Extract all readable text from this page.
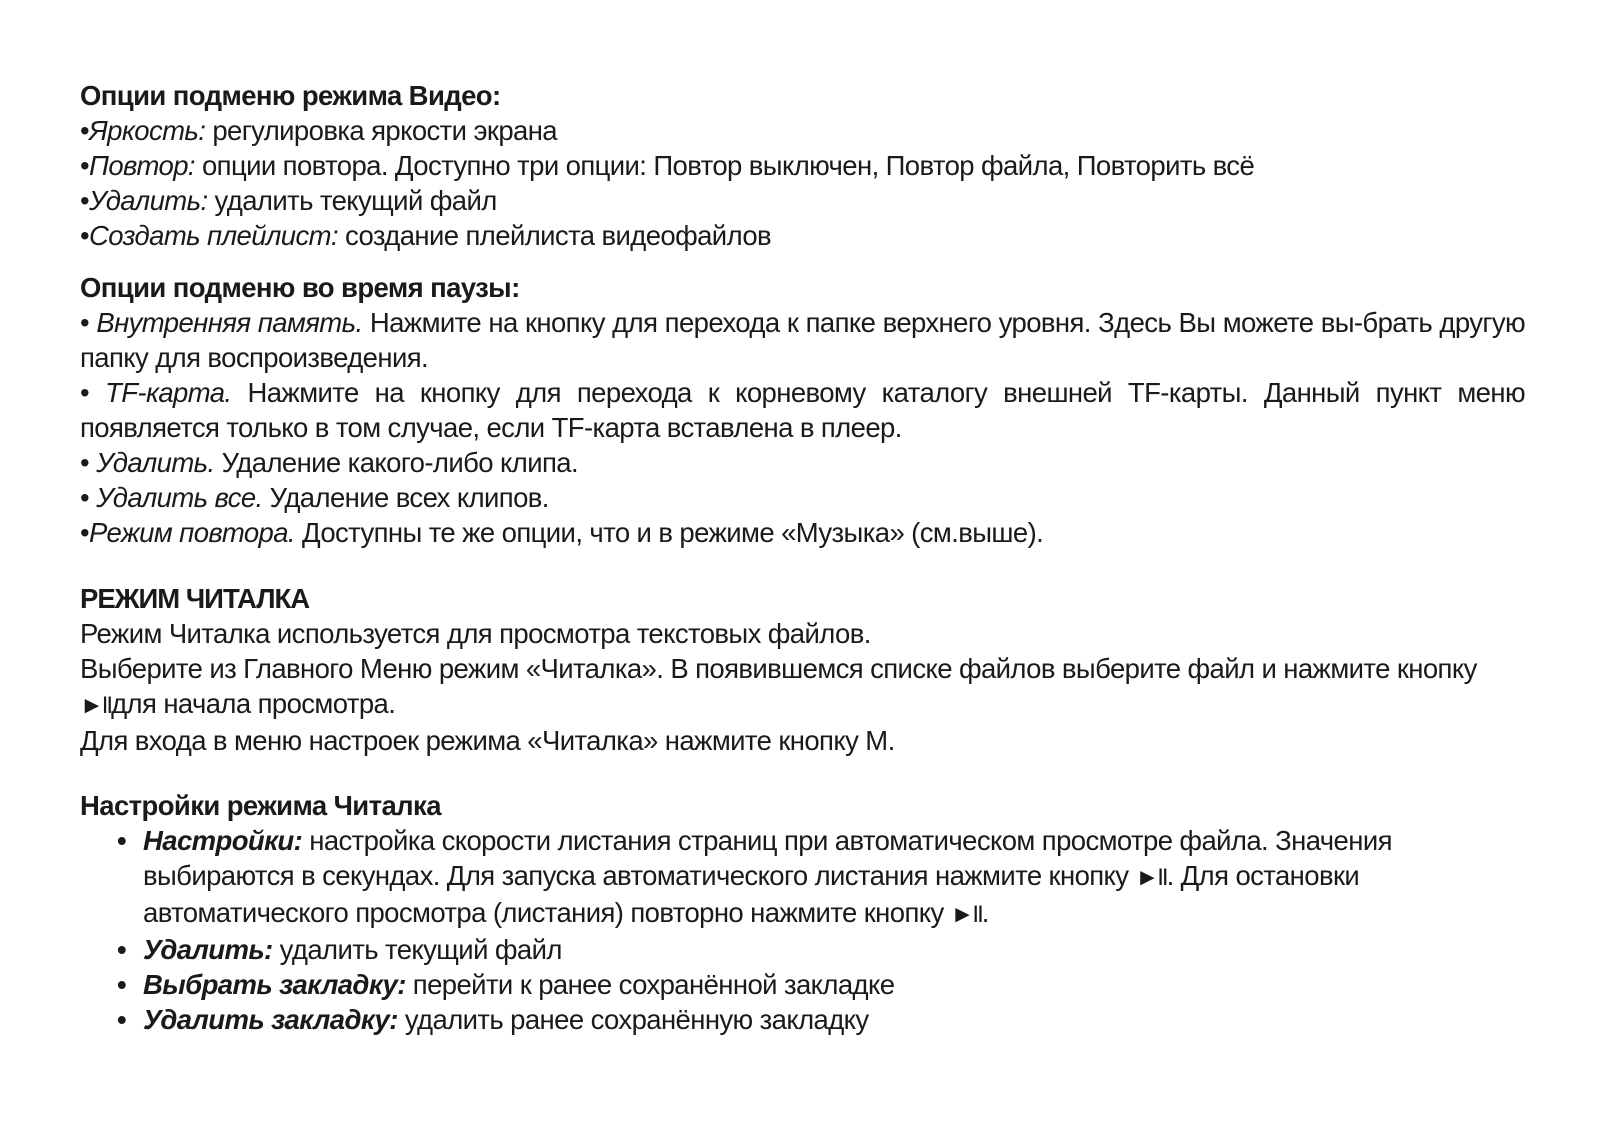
Опции подменю режима Видео:

•Яркость: регулировка яркости экрана

•Повтор: опции повтора. Доступно три опции: Повтор выключен, Повтор файла, Повторить всё

•Удалить: удалить текущий файл

•Создать плейлист: создание плейлиста видеофайлов

Опции подменю во время паузы:

• Внутренняя память. Нажмите на кнопку для перехода к папке верхнего уровня. Здесь Вы можете вы-брать другую папку для воспроизведения.

• TF-карта. Нажмите на кнопку для перехода к корневому каталогу внешней TF-карты. Данный пункт меню появляется только в том случае, если TF-карта вставлена в плеер.

• Удалить. Удаление какого-либо клипа.

• Удалить все. Удаление всех клипов.

•Режим повтора. Доступны те же опции, что и в режиме «Музыка» (см.выше).

РЕЖИМ ЧИТАЛКА

Режим Читалка используется для просмотра текстовых файлов.

Выберите из Главного Меню режим «Читалка». В появившемся списке файлов выберите файл и нажмите кнопку ►IIдля начала просмотра.

Для входа в меню настроек режима «Читалка» нажмите кнопку M.

Настройки режима Читалка

• Настройки: настройка скорости листания страниц при автоматическом просмотре файла. Значения выбираются в секундах. Для запуска автоматического листания нажмите кнопку ►II. Для остановки автоматического просмотра (листания) повторно нажмите кнопку ►II.
• Удалить: удалить текущий файл
• Выбрать закладку: перейти к ранее сохранённой закладке
• Удалить закладку: удалить ранее сохранённую закладку
